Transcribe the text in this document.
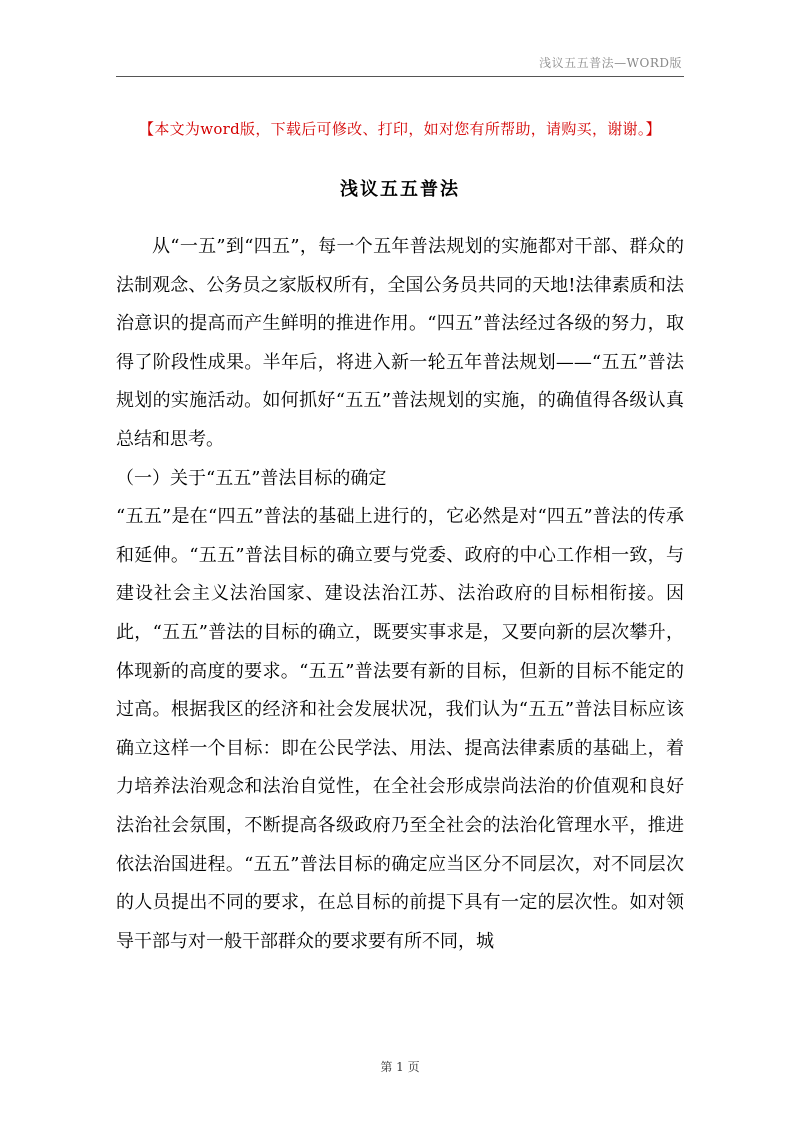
浅议五五普法—WORD版
【本文为word版，下载后可修改、打印，如对您有所帮助，请购买，谢谢。】
浅议五五普法

从“一五”到“四五”，每一个五年普法规划的实施都对干部、群众的法制观念、公务员之家版权所有，全国公务员共同的天地!法律素质和法治意识的提高而产生鲜明的推进作用。“四五”普法经过各级的努力，取得了阶段性成果。半年后，将进入新一轮五年普法规划——“五五”普法规划的实施活动。如何抓好“五五”普法规划的实施，的确值得各级认真总结和思考。

（一）关于“五五”普法目标的确定

“五五”是在“四五”普法的基础上进行的，它必然是对“四五”普法的传承和延伸。“五五”普法目标的确立要与党委、政府的中心工作相一致，与建设社会主义法治国家、建设法治江苏、法治政府的目标相衔接。因此，“五五”普法的目标的确立，既要实事求是，又要向新的层次攀升，体现新的高度的要求。“五五”普法要有新的目标，但新的目标不能定的过高。根据我区的经济和社会发展状况，我们认为“五五”普法目标应该确立这样一个目标：即在公民学法、用法、提高法律素质的基础上，着力培养法治观念和法治自觉性，在全社会形成崇尚法治的价值观和良好法治社会氛围，不断提高各级政府乃至全社会的法治化管理水平，推进依法治国进程。“五五”普法目标的确定应当区分不同层次，对不同层次的人员提出不同的要求，在总目标的前提下具有一定的层次性。如对领导干部与对一般干部群众的要求要有所不同，城

第 1 页
